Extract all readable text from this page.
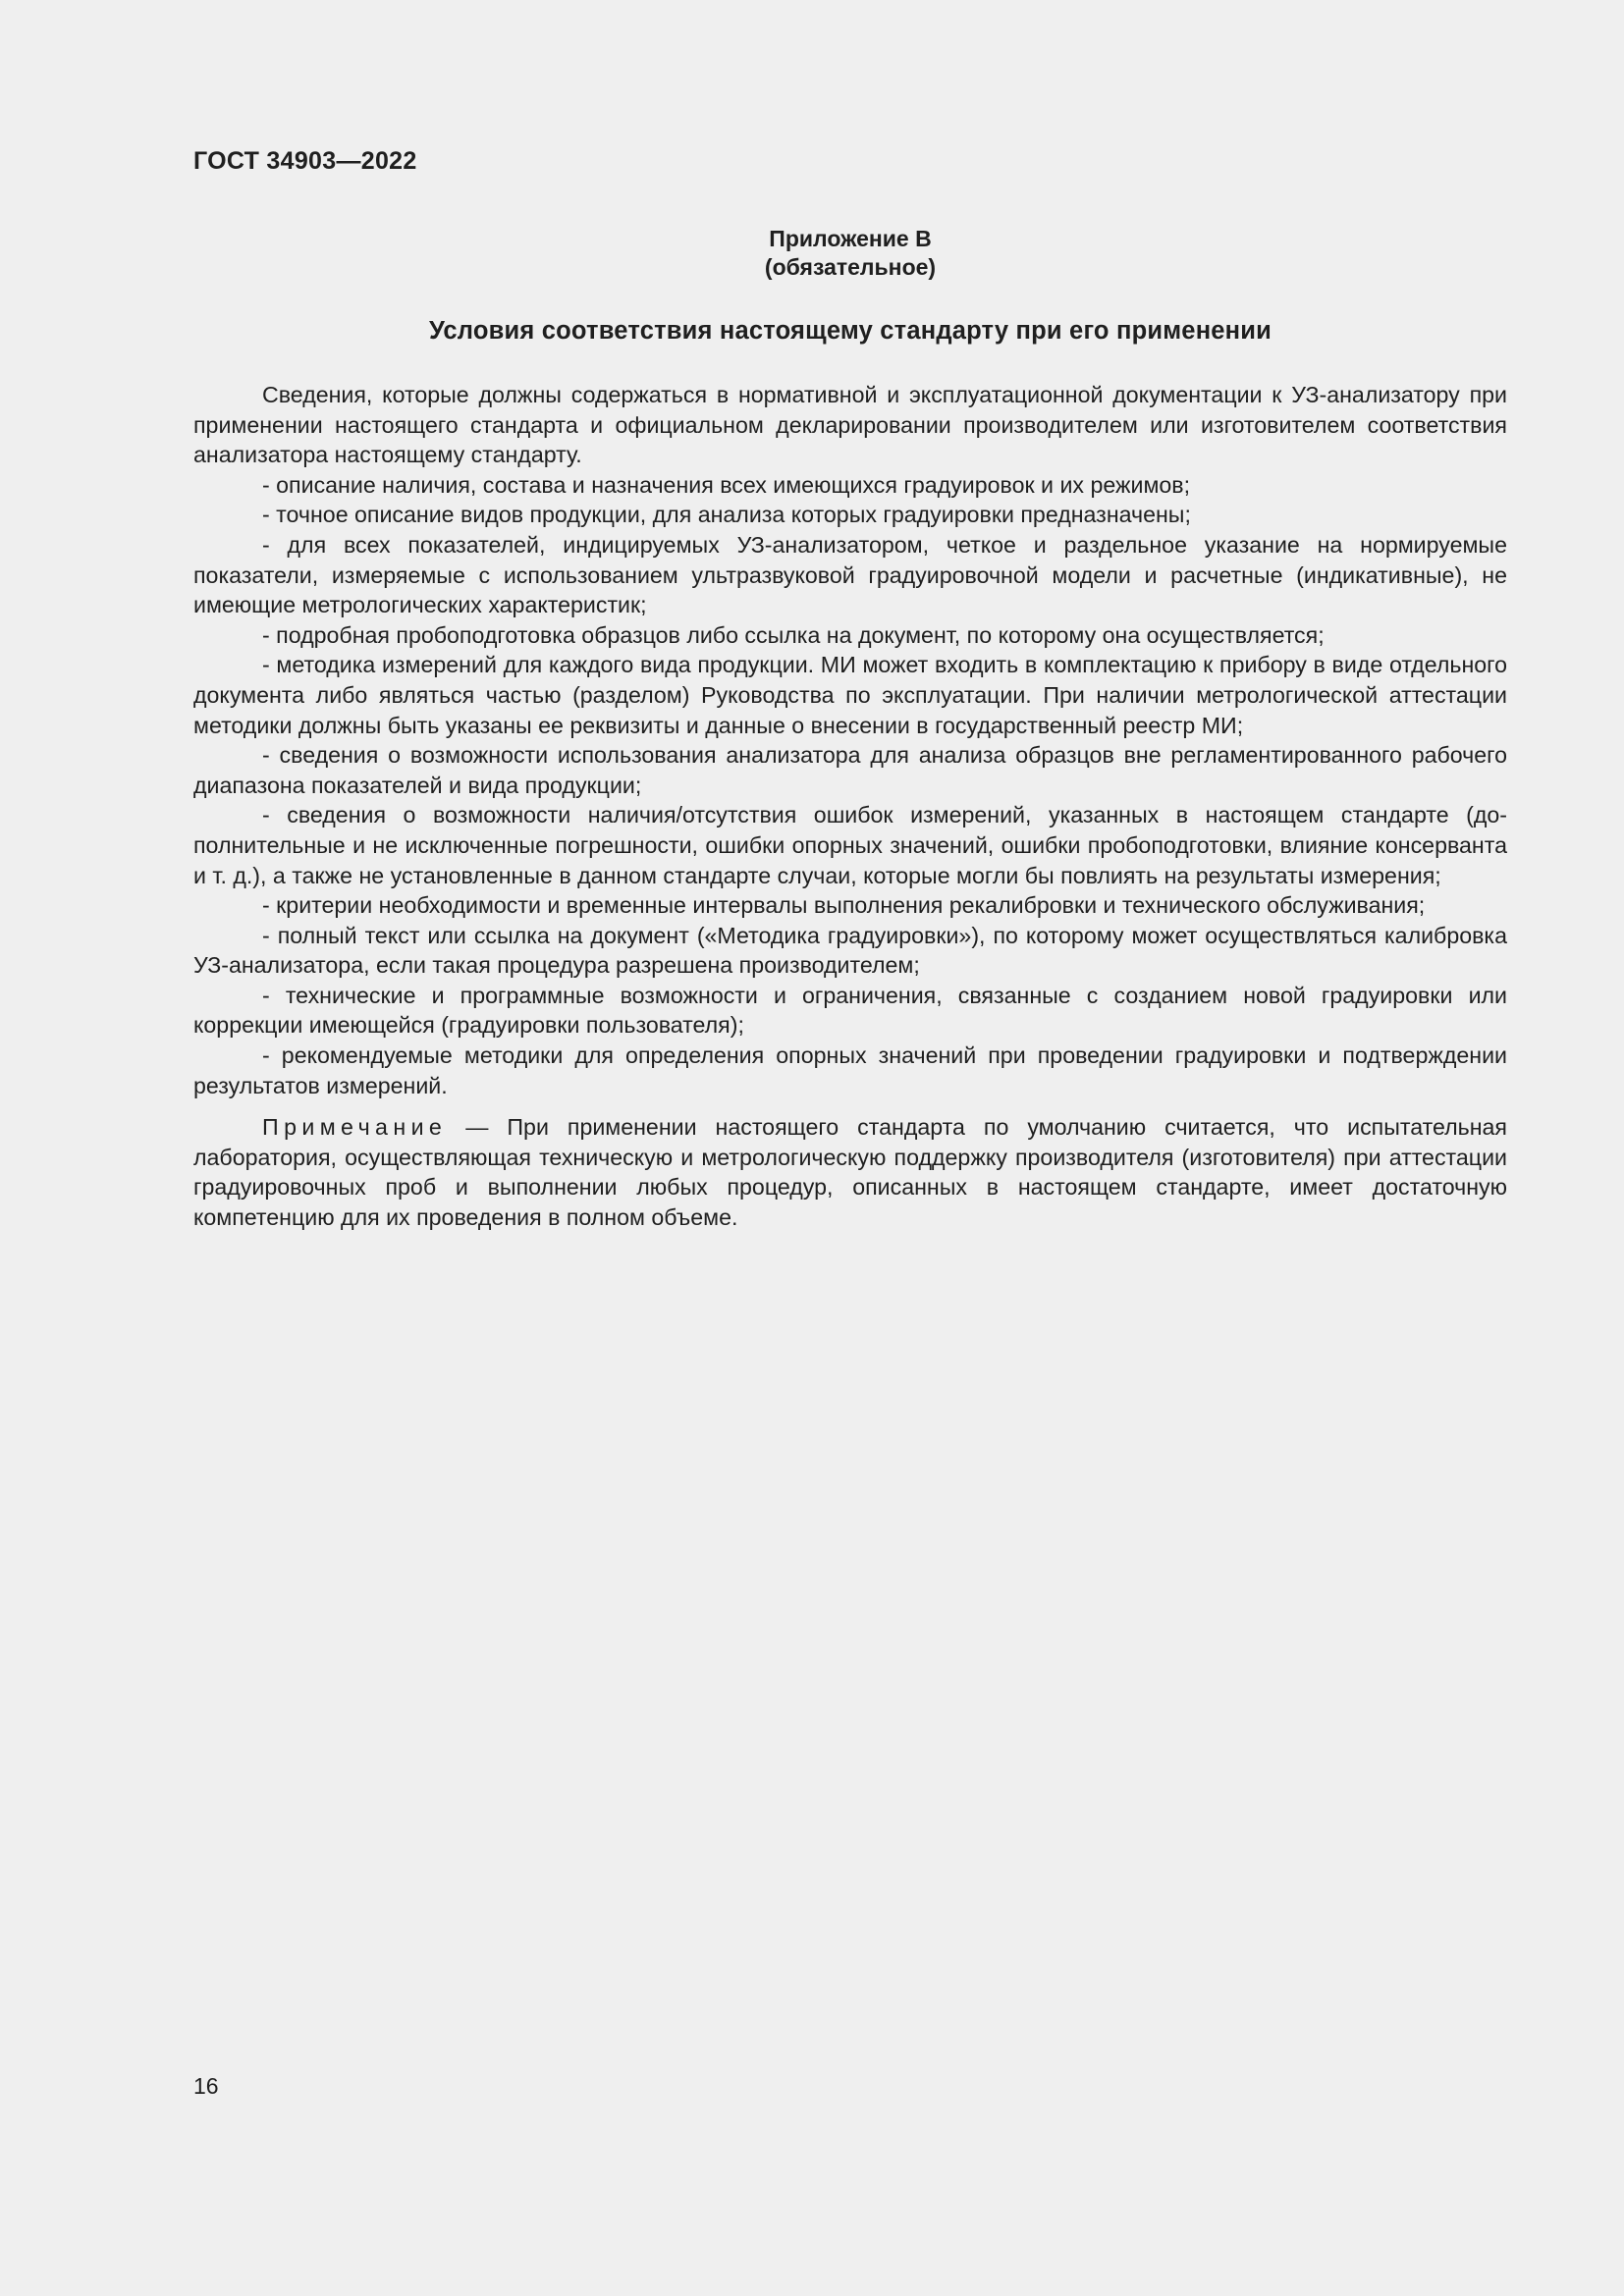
ГОСТ 34903—2022
Приложение В
(обязательное)
Условия соответствия настоящему стандарту при его применении

Сведения, которые должны содержаться в нормативной и эксплуатационной документации к УЗ-анализатору при применении настоящего стандарта и официальном декларировании производителем или изготовителем соответствия анализатора настоящему стандарту.

- описание наличия, состава и назначения всех имеющихся градуировок и их режимов;

- точное описание видов продукции, для анализа которых градуировки предназначены;

- для всех показателей, индицируемых УЗ-анализатором, четкое и раздельное указание на нормируемые показатели, измеряемые с использованием ультразвуковой градуировочной модели и расчетные (индикативные), не имеющие метрологических характеристик;

- подробная пробоподготовка образцов либо ссылка на документ, по которому она осуществляется;

- методика измерений для каждого вида продукции. МИ может входить в комплектацию к прибору в виде отдельного документа либо являться частью (разделом) Руководства по эксплуатации. При наличии метрологической аттестации методики должны быть указаны ее реквизиты и данные о внесении в государственный реестр МИ;

- сведения о возможности использования анализатора для анализа образцов вне регламентированного рабочего диапазона показателей и вида продукции;

- сведения о возможности наличия/отсутствия ошибок измерений, указанных в настоящем стандарте (дополнительные и не исключенные погрешности, ошибки опорных значений, ошибки пробоподготовки, влияние консерванта и т. д.), а также не установленные в данном стандарте случаи, которые могли бы повлиять на результаты измерения;

- критерии необходимости и временные интервалы выполнения рекалибровки и технического обслуживания;

- полный текст или ссылка на документ («Методика градуировки»), по которому может осуществляться калибровка УЗ-анализатора, если такая процедура разрешена производителем;

- технические и программные возможности и ограничения, связанные с созданием новой градуировки или коррекции имеющейся (градуировки пользователя);

- рекомендуемые методики для определения опорных значений при проведении градуировки и подтверждении результатов измерений.

Примечание — При применении настоящего стандарта по умолчанию считается, что испытательная лаборатория, осуществляющая техническую и метрологическую поддержку производителя (изготовителя) при аттестации градуировочных проб и выполнении любых процедур, описанных в настоящем стандарте, имеет достаточную компетенцию для их проведения в полном объеме.

16
